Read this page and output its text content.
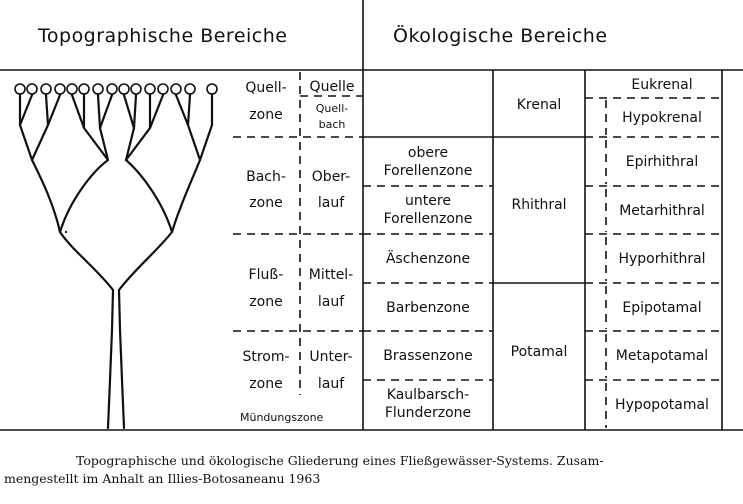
Topographische Bereiche	Ökologische Bereiche
Quell-
zone
Bach-
zone
Fluß-
zone
Strom-
zone
Quelle
Quell-
bach
Ober-
lauf
Mittel-
lauf
Unter-
lauf
Mündungszone
obere
Forellenzone
untere
Forellenzone
Äschenzone
Barbenzone
Brassenzone
Kaulbarsch-
Flunderzone
Krenal
Rhithral
Potamal
Eukrenal
Hypokrenal
Epirhithral
Metarhithral
Hyporhithral
Epipotamal
Metapotamal
Hypopotamal
Topographische und ökologische Gliederung eines Fließgewässer-Systems. Zusam-
mengestellt im Anhalt an Illies-Botosaneanu 1963
